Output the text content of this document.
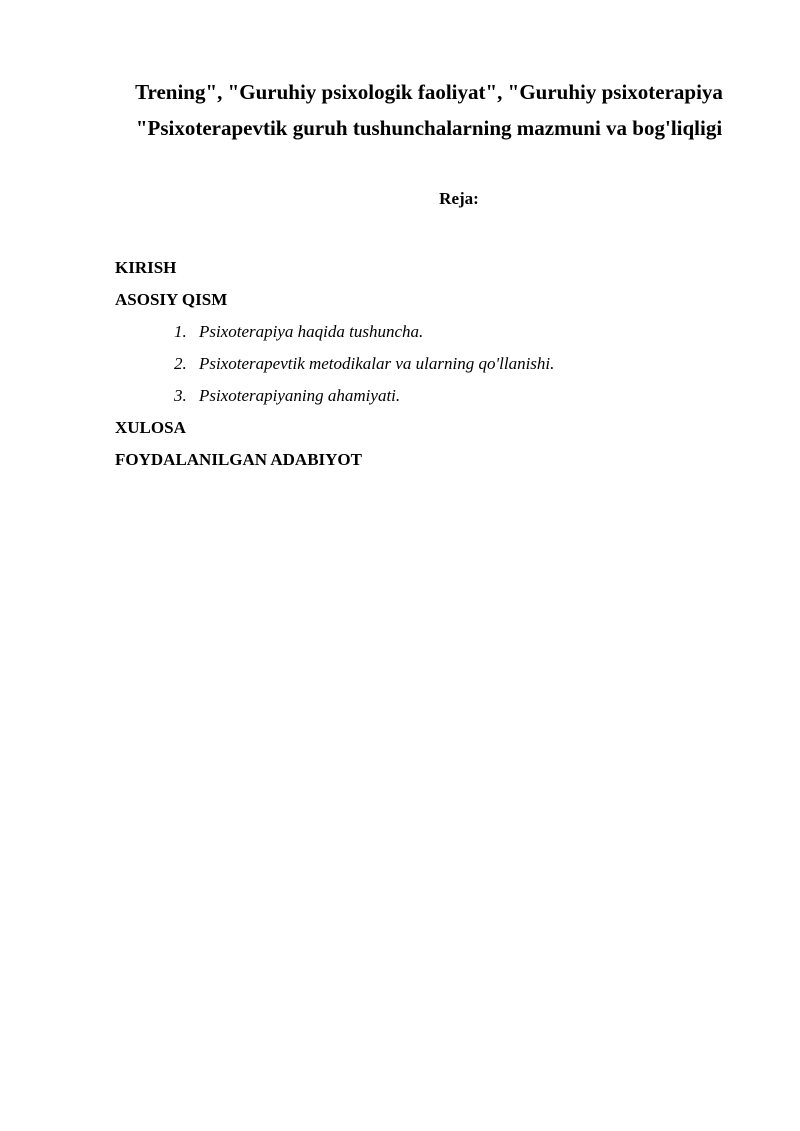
Trening", "Guruhiy psixologik faoliyat", "Guruhiy psixoterapiya
"Psixoterapevtik guruh tushunchalarning mazmuni va bog'liqligi
Reja:
KIRISH
ASOSIY QISM
1. Psixoterapiya haqida tushuncha.
2. Psixoterapevtik metodikalar va ularning qo'llanishi.
3. Psixoterapiyaning ahamiyati.
XULOSA
FOYDALANILGAN ADABIYOT
